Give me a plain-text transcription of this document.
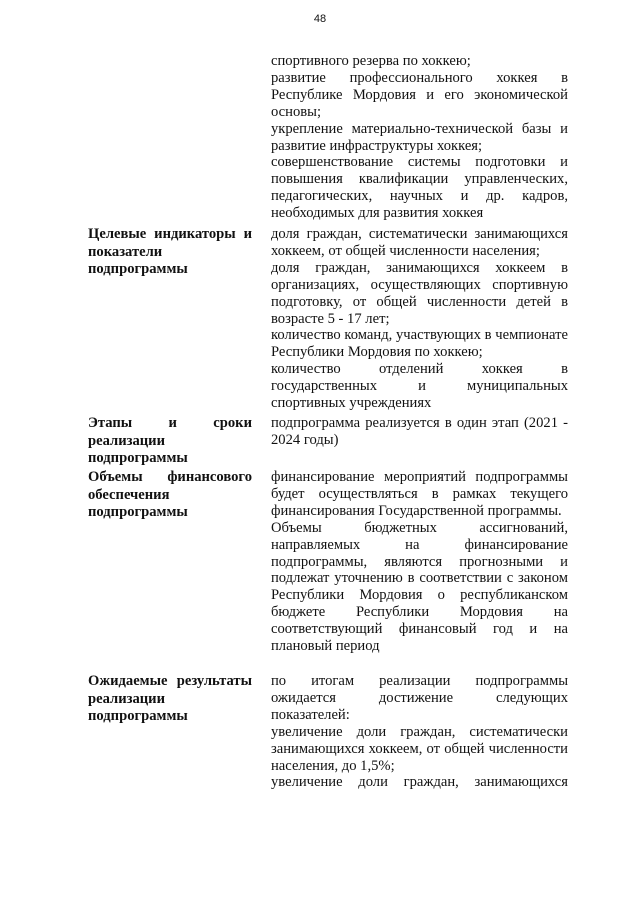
48

спортивного резерва по хоккею;

развитие профессионального хоккея в Республике Мордовия и его экономической основы;

укрепление материально-технической базы и развитие инфраструктуры хоккея;

совершенствование системы подготовки и повышения квалификации управленческих, педагогических, научных и др. кадров, необходимых для развития хоккея

Целевые индикаторы и
показатели
подпрограммы

доля граждан, систематически занимающихся хоккеем, от общей численности населения;

доля граждан, занимающихся хоккеем в организациях, осуществляющих спортивную подготовку, от общей численности детей в возрасте 5 - 17 лет;

количество команд, участвующих в чемпионате Республики Мордовия по хоккею;

количество отделений хоккея в государственных и муниципальных спортивных учреждениях

Этапы и сроки
реализации
подпрограммы

подпрограмма реализуется в один этап (2021 - 2024 годы)

Объемы финансового
обеспечения
подпрограммы

финансирование мероприятий подпрограммы будет осуществляться в рамках текущего финансирования Государственной программы.

Объемы бюджетных ассигнований, направляемых на финансирование подпрограммы, являются прогнозными и подлежат уточнению в соответствии с законом Республики Мордовия о республиканском бюджете Республики Мордовия на соответствующий финансовый год и на плановый период

Ожидаемые результаты
реализации
подпрограммы

по итогам реализации подпрограммы ожидается достижение следующих показателей:

увеличение доли граждан, систематически занимающихся хоккеем, от общей численности населения, до 1,5%;

увеличение доли граждан, занимающихся
